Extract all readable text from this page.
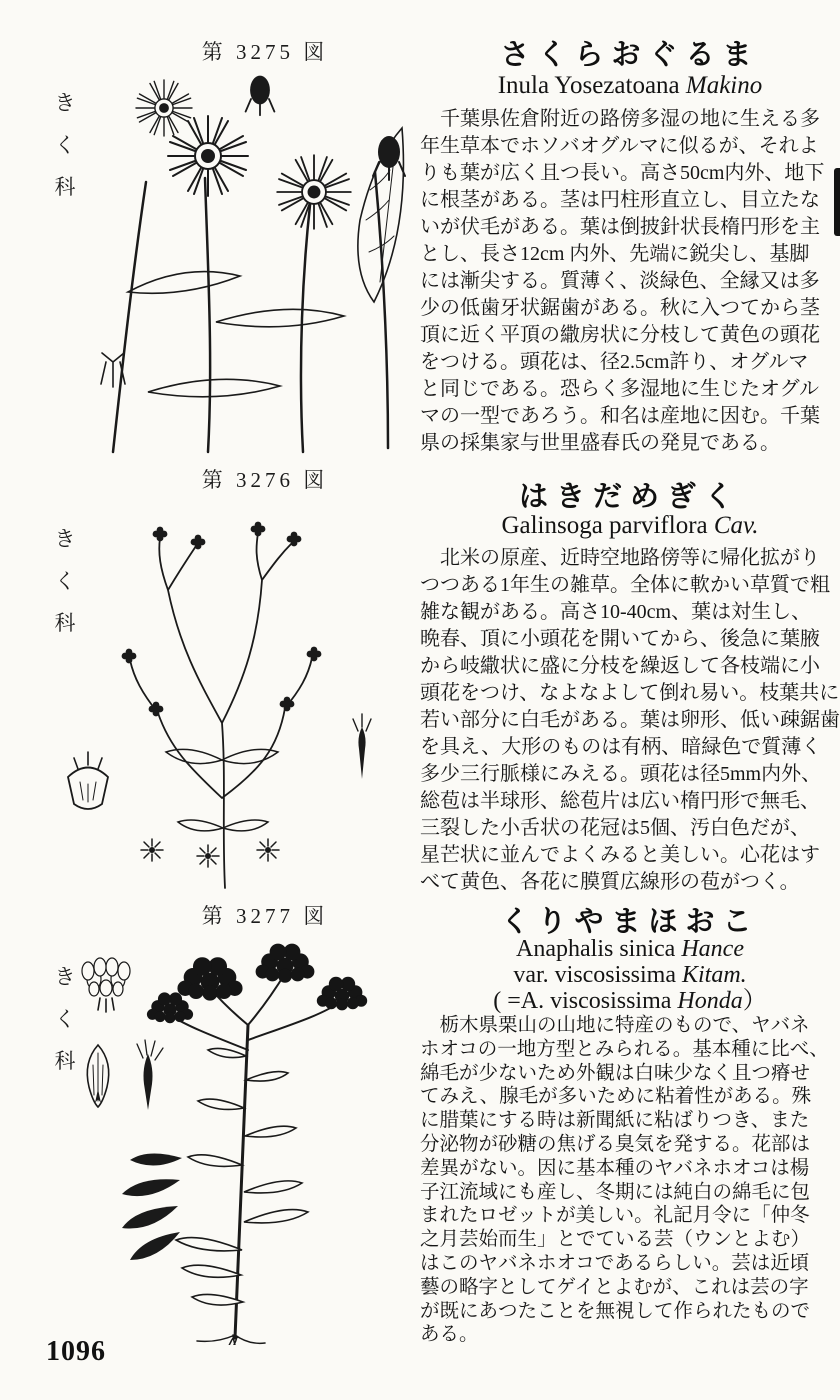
第 3275 図
き
く
科
さくらおぐるま
Inula Yosezatoana Makino
　千葉県佐倉附近の路傍多湿の地に生える多
年生草本でホソバオグルマに似るが、それよ
りも葉が広く且つ長い。高さ50cm内外、地下
に根茎がある。茎は円柱形直立し、目立たな
いが伏毛がある。葉は倒披針状長楕円形を主
とし、長さ12cm 内外、先端に鋭尖し、基脚
には漸尖する。質薄く、淡緑色、全縁又は多
少の低歯牙状鋸歯がある。秋に入つてから茎
頂に近く平頂の繖房状に分枝して黄色の頭花
をつける。頭花は、径2.5cm許り、オグルマ
と同じである。恐らく多湿地に生じたオグル
マの一型であろう。和名は産地に因む。千葉
県の採集家与世里盛春氏の発見である。
第 3276 図
き
く
科
はきだめぎく
Galinsoga parviflora Cav.
　北米の原産、近時空地路傍等に帰化拡がり
つつある1年生の雑草。全体に軟かい草質で粗
雑な観がある。高さ10-40cm、葉は対生し、
晩春、頂に小頭花を開いてから、後急に葉腋
から岐繖状に盛に分枝を繰返して各枝端に小
頭花をつけ、なよなよして倒れ易い。枝葉共に
若い部分に白毛がある。葉は卵形、低い疎鋸歯
を具え、大形のものは有柄、暗緑色で質薄く
多少三行脈様にみえる。頭花は径5mm内外、
総苞は半球形、総苞片は広い楕円形で無毛、
三裂した小舌状の花冠は5個、汚白色だが、
星芒状に並んでよくみると美しい。心花はす
べて黄色、各花に膜質広線形の苞がつく。
第 3277 図
き
く
科
くりやまほおこ
Anaphalis sinica Hance
var. viscosissima Kitam.
( =A. viscosissima Honda）
　栃木県栗山の山地に特産のもので、ヤバネ
ホオコの一地方型とみられる。基本種に比べ、
綿毛が少ないため外観は白味少なく且つ瘠せ
てみえ、腺毛が多いために粘着性がある。殊
に腊葉にする時は新聞紙に粘ばりつき、また
分泌物が砂糖の焦げる臭気を発する。花部は
差異がない。因に基本種のヤバネホオコは楊
子江流域にも産し、冬期には純白の綿毛に包
まれたロゼットが美しい。礼記月令に「仲冬
之月芸始而生」とでている芸（ウンとよむ）
はこのヤバネホオコであるらしい。芸は近頃
藝の略字としてゲイとよむが、これは芸の字
が既にあつたことを無視して作られたもので
ある。
1096
